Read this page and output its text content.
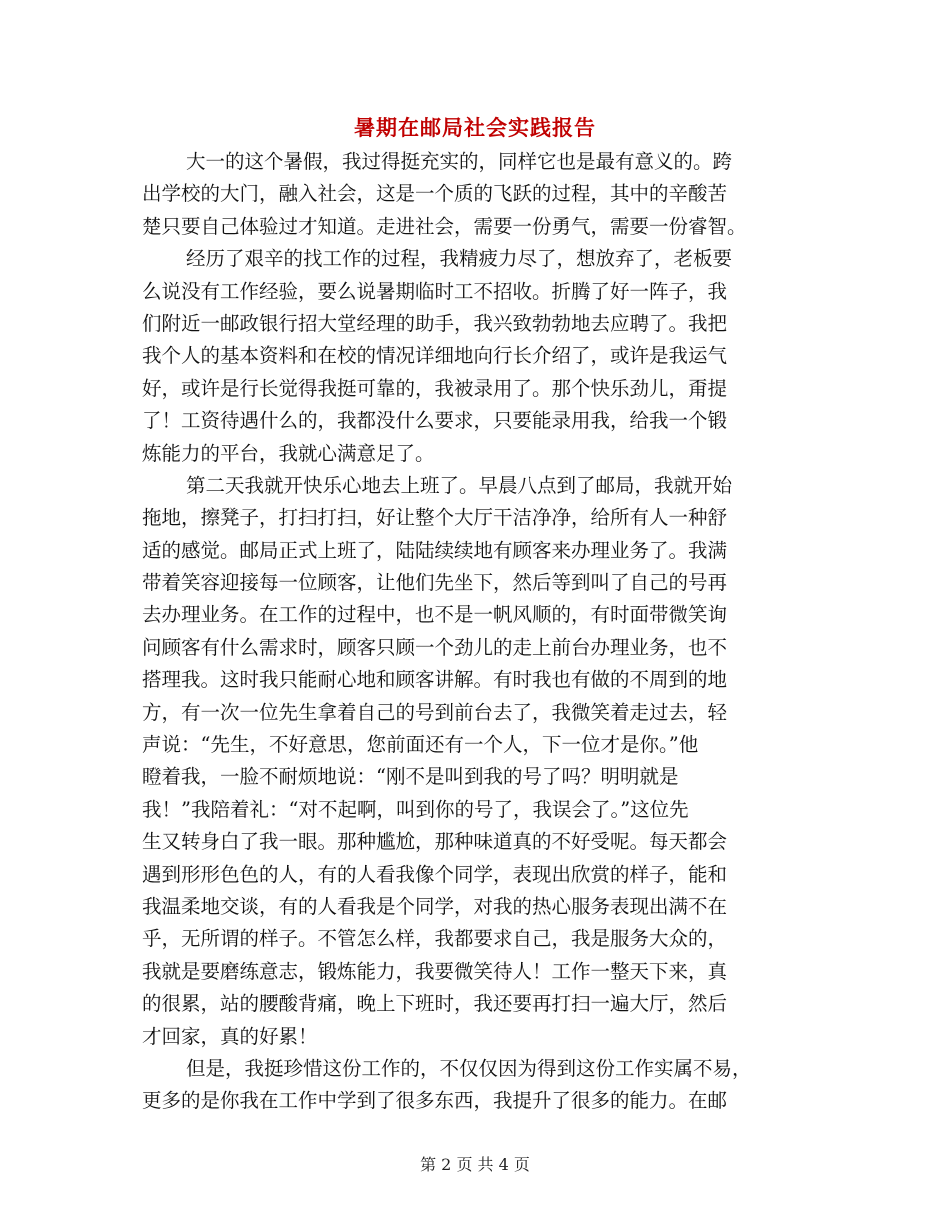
暑期在邮局社会实践报告
大一的这个暑假，我过得挺充实的，同样它也是最有意义的。跨
出学校的大门，融入社会，这是一个质的飞跃的过程，其中的辛酸苦
楚只要自己体验过才知道。走进社会，需要一份勇气，需要一份睿智。
经历了艰辛的找工作的过程，我精疲力尽了，想放弃了，老板要
么说没有工作经验，要么说暑期临时工不招收。折腾了好一阵子，我
们附近一邮政银行招大堂经理的助手，我兴致勃勃地去应聘了。我把
我个人的基本资料和在校的情况详细地向行长介绍了，或许是我运气
好，或许是行长觉得我挺可靠的，我被录用了。那个快乐劲儿，甭提
了！工资待遇什么的，我都没什么要求，只要能录用我，给我一个锻
炼能力的平台，我就心满意足了。
第二天我就开快乐心地去上班了。早晨八点到了邮局，我就开始
拖地，擦凳子，打扫打扫，好让整个大厅干洁净净，给所有人一种舒
适的感觉。邮局正式上班了，陆陆续续地有顾客来办理业务了。我满
带着笑容迎接每一位顾客，让他们先坐下，然后等到叫了自己的号再
去办理业务。在工作的过程中，也不是一帆风顺的，有时面带微笑询
问顾客有什么需求时，顾客只顾一个劲儿的走上前台办理业务，也不
搭理我。这时我只能耐心地和顾客讲解。有时我也有做的不周到的地
方，有一次一位先生拿着自己的号到前台去了，我微笑着走过去，轻
声说：“先生，不好意思，您前面还有一个人，下一位才是你。”他
瞪着我，一脸不耐烦地说：“刚不是叫到我的号了吗？明明就是
我！”我陪着礼：“对不起啊，叫到你的号了，我误会了。”这位先
生又转身白了我一眼。那种尴尬，那种味道真的不好受呢。每天都会
遇到形形色色的人，有的人看我像个同学，表现出欣赏的样子，能和
我温柔地交谈，有的人看我是个同学，对我的热心服务表现出满不在
乎，无所谓的样子。不管怎么样，我都要求自己，我是服务大众的，
我就是要磨练意志，锻炼能力，我要微笑待人！工作一整天下来，真
的很累，站的腰酸背痛，晚上下班时，我还要再打扫一遍大厅，然后
才回家，真的好累！
但是，我挺珍惜这份工作的，不仅仅因为得到这份工作实属不易，
更多的是你我在工作中学到了很多东西，我提升了很多的能力。在邮
第 2 页 共 4 页
